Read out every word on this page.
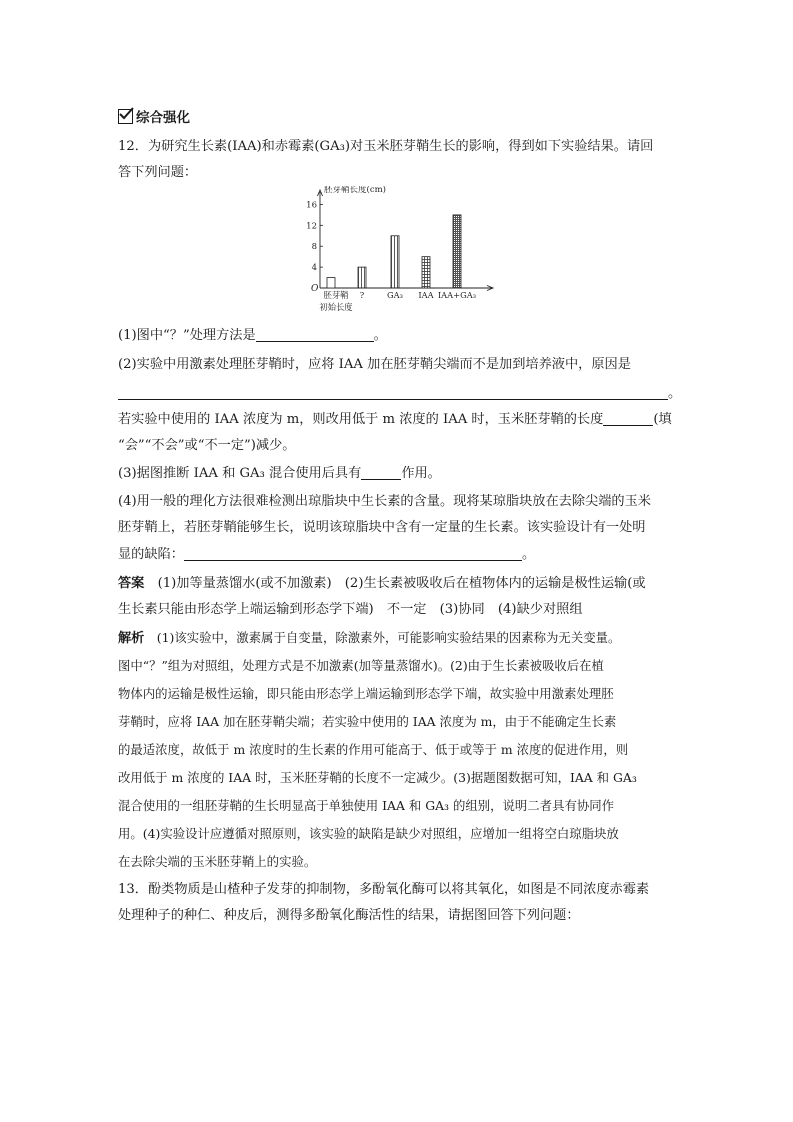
综合强化
12．为研究生长素(IAA)和赤霉素(GA₃)对玉米胚芽鞘生长的影响，得到如下实验结果。请回
答下列问题：
胚芽鞘长度(cm)
O
4
8
12
16
胚芽鞘
初始长度
?	GA₃ IAA IAA+GA₃
(1)图中“？”处理方法是	。
(2)实验中用激素处理胚芽鞘时，应将 IAA 加在胚芽鞘尖端而不是加到培养液中，原因是
。
若实验中使用的 IAA 浓度为 m，则改用低于 m 浓度的 IAA 时，玉米胚芽鞘的长度	(填
“会”“不会”或“不一定”)减少。
(3)据图推断 IAA 和 GA₃ 混合使用后具有	作用。
(4)用一般的理化方法很难检测出琼脂块中生长素的含量。现将某琼脂块放在去除尖端的玉米
胚芽鞘上，若胚芽鞘能够生长，说明该琼脂块中含有一定量的生长素。该实验设计有一处明
显的缺陷：	。
答案　 (1)加等量蒸馏水(或不加激素)　(2)生长素被吸收后在植物体内的运输是极性运输(或
生长素只能由形态学上端运输到形态学下端)　不一定　(3)协同　(4)缺少对照组
解析　 (1)该实验中，激素属于自变量，除激素外，可能影响实验结果的因素称为无关变量。
图中“？”组为对照组，处理方式是不加激素(加等量蒸馏水)。(2)由于生长素被吸收后在植
物体内的运输是极性运输，即只能由形态学上端运输到形态学下端，故实验中用激素处理胚
芽鞘时，应将 IAA 加在胚芽鞘尖端；若实验中使用的 IAA 浓度为 m，由于不能确定生长素
的最适浓度，故低于 m 浓度时的生长素的作用可能高于、低于或等于 m 浓度的促进作用，则
改用低于 m 浓度的 IAA 时，玉米胚芽鞘的长度不一定减少。(3)据题图数据可知，IAA 和 GA₃
混合使用的一组胚芽鞘的生长明显高于单独使用 IAA 和 GA₃ 的组别，说明二者具有协同作
用。(4)实验设计应遵循对照原则，该实验的缺陷是缺少对照组，应增加一组将空白琼脂块放
在去除尖端的玉米胚芽鞘上的实验。
13．酚类物质是山楂种子发芽的抑制物，多酚氧化酶可以将其氧化，如图是不同浓度赤霉素
处理种子的种仁、种皮后，测得多酚氧化酶活性的结果，请据图回答下列问题：
